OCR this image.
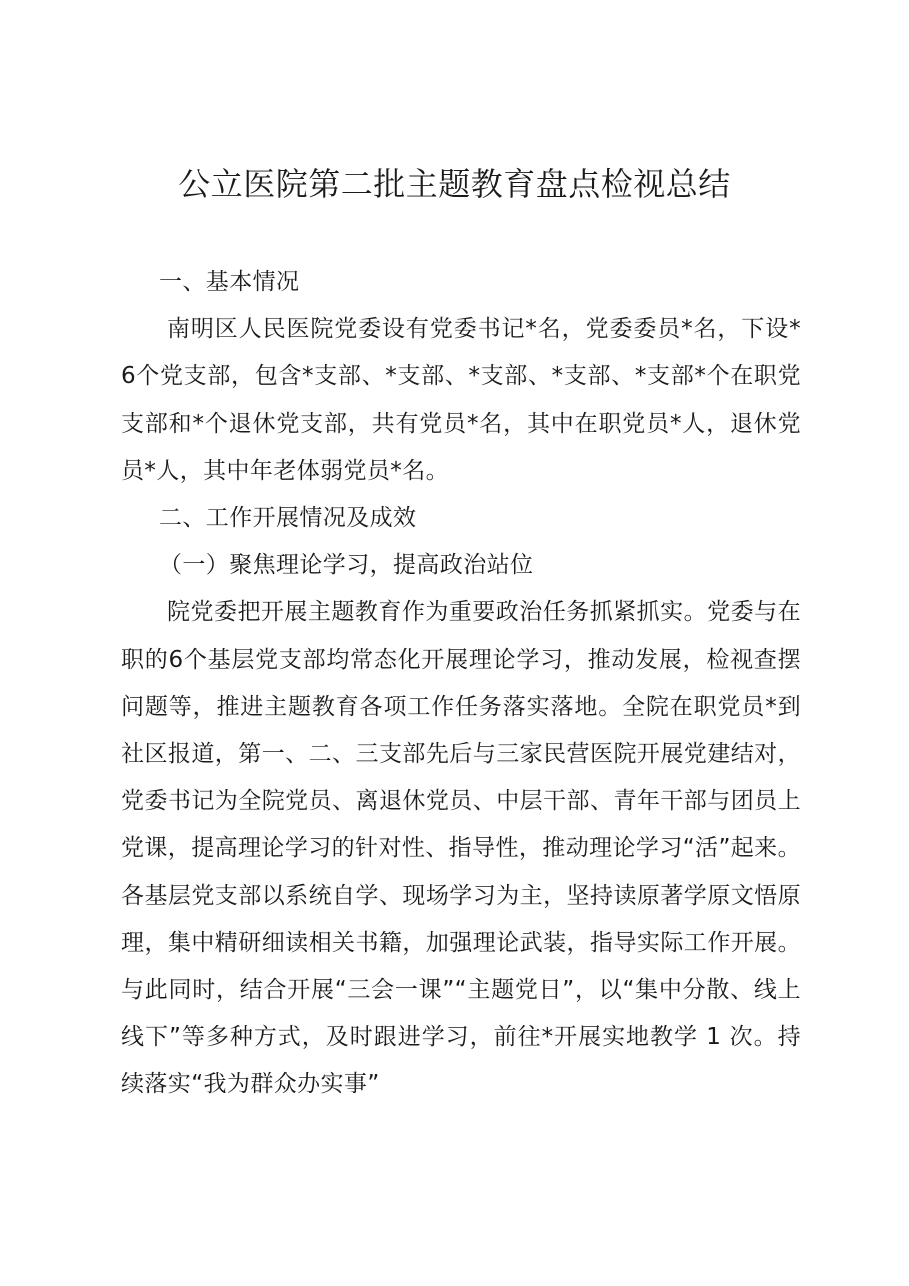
公立医院第二批主题教育盘点检视总结

一、基本情况

南明区人民医院党委设有党委书记*名，党委委员*名，下设*6个党支部，包含*支部、*支部、*支部、*支部、*支部*个在职党支部和*个退休党支部，共有党员*名，其中在职党员*人，退休党员*人，其中年老体弱党员*名。

二、工作开展情况及成效

（一）聚焦理论学习，提高政治站位

院党委把开展主题教育作为重要政治任务抓紧抓实。党委与在职的6个基层党支部均常态化开展理论学习，推动发展，检视查摆问题等，推进主题教育各项工作任务落实落地。全院在职党员*到社区报道，第一、二、三支部先后与三家民营医院开展党建结对，党委书记为全院党员、离退休党员、中层干部、青年干部与团员上党课，提高理论学习的针对性、指导性，推动理论学习“活”起来。各基层党支部以系统自学、现场学习为主，坚持读原著学原文悟原理，集中精研细读相关书籍，加强理论武装，指导实际工作开展。与此同时，结合开展“三会一课”“主题党日”，以“集中分散、线上线下”等多种方式，及时跟进学习，前往*开展实地教学 1 次。持续落实“我为群众办实事”
